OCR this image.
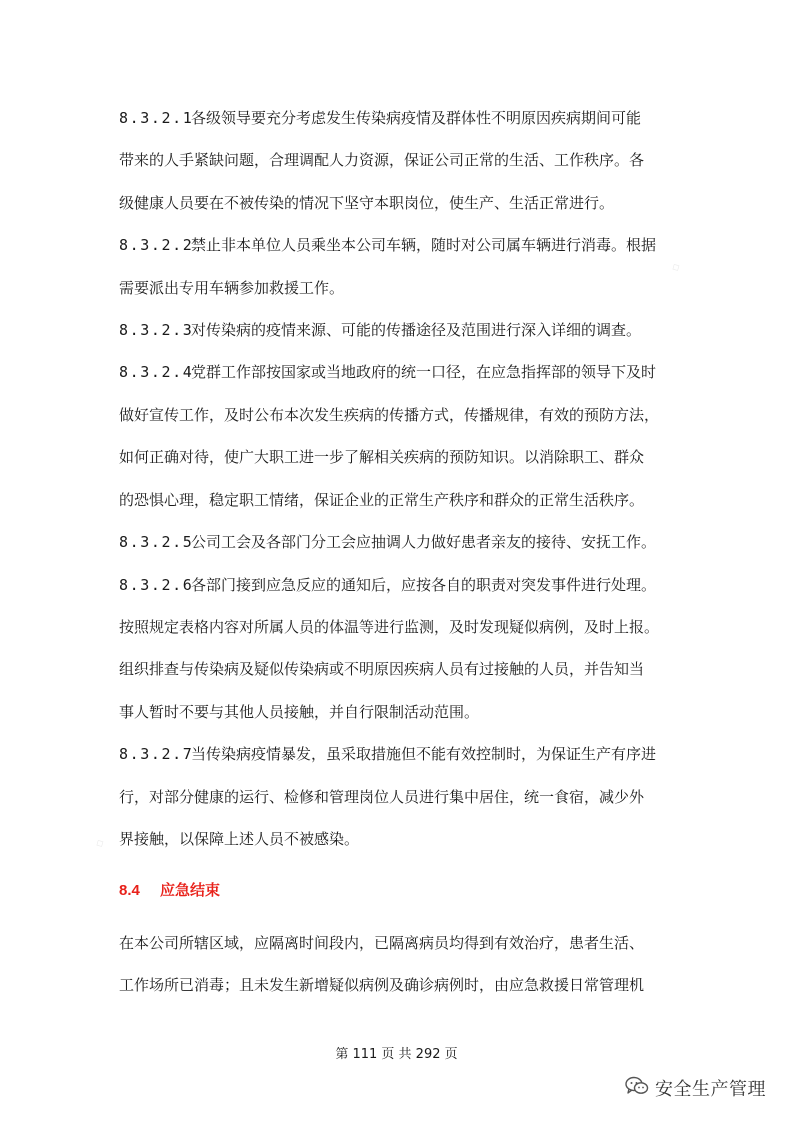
8.3.2.1各级领导要充分考虑发生传染病疫情及群体性不明原因疾病期间可能
带来的人手紧缺问题，合理调配人力资源，保证公司正常的生活、工作秩序。各
级健康人员要在不被传染的情况下坚守本职岗位，使生产、生活正常进行。
8.3.2.2禁止非本单位人员乘坐本公司车辆，随时对公司属车辆进行消毒。根据
需要派出专用车辆参加救援工作。
8.3.2.3对传染病的疫情来源、可能的传播途径及范围进行深入详细的调查。
8.3.2.4党群工作部按国家或当地政府的统一口径，在应急指挥部的领导下及时
做好宣传工作，及时公布本次发生疾病的传播方式，传播规律，有效的预防方法，
如何正确对待，使广大职工进一步了解相关疾病的预防知识。以消除职工、群众
的恐惧心理，稳定职工情绪，保证企业的正常生产秩序和群众的正常生活秩序。
8.3.2.5公司工会及各部门分工会应抽调人力做好患者亲友的接待、安抚工作。
8.3.2.6各部门接到应急反应的通知后，应按各自的职责对突发事件进行处理。
按照规定表格内容对所属人员的体温等进行监测，及时发现疑似病例，及时上报。
组织排查与传染病及疑似传染病或不明原因疾病人员有过接触的人员，并告知当
事人暂时不要与其他人员接触，并自行限制活动范围。
8.3.2.7当传染病疫情暴发，虽采取措施但不能有效控制时，为保证生产有序进
行，对部分健康的运行、检修和管理岗位人员进行集中居住，统一食宿，减少外
界接触，以保障上述人员不被感染。
8.4 应急结束
在本公司所辖区域，应隔离时间段内，已隔离病员均得到有效治疗，患者生活、
工作场所已消毒；且未发生新增疑似病例及确诊病例时，由应急救援日常管理机
◇
◇
第 111 页 共 292 页
安全生产管理
